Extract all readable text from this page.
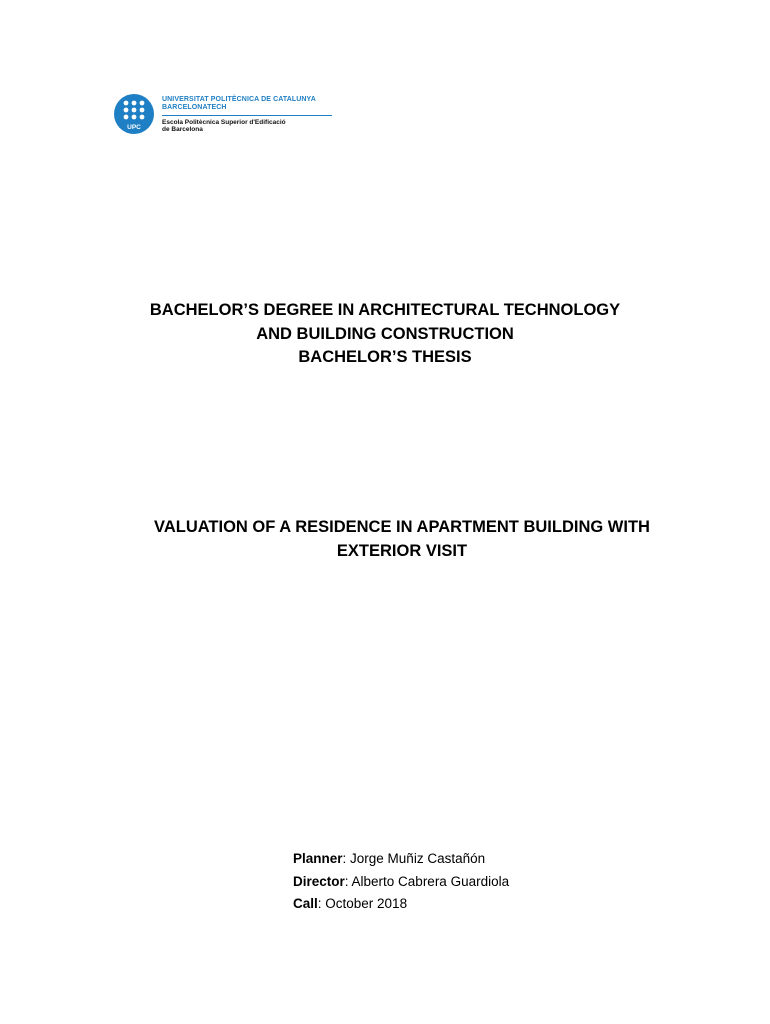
UPC
UNIVERSITAT POLITÈCNICA DE CATALUNYA
BARCELONATECH
Escola Politècnica Superior d'Edificació
de Barcelona
BACHELOR’S DEGREE IN ARCHITECTURAL TECHNOLOGY
AND BUILDING CONSTRUCTION
BACHELOR’S THESIS
VALUATION OF A RESIDENCE IN APARTMENT BUILDING WITH
EXTERIOR VISIT
Planner: Jorge Muñiz Castañón
Director: Alberto Cabrera Guardiola
Call: October 2018
